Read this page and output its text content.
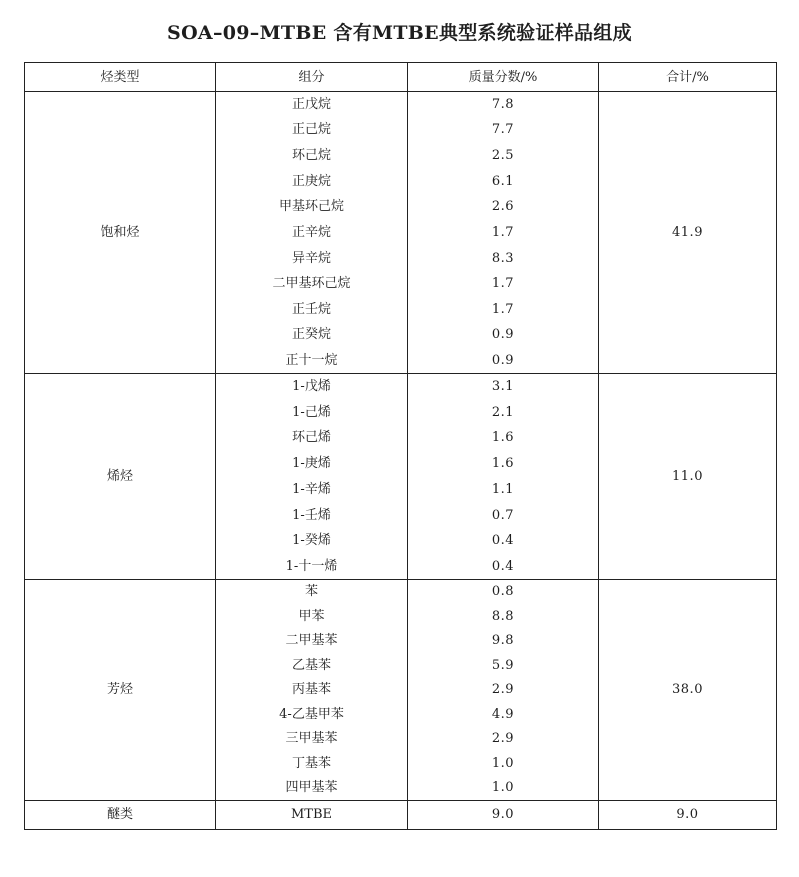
SOA–09–MTBE 含有MTBE典型系统验证样品组成
烃类型	组分	质量分数/%	合计/%
饱和烃	正戊烷	7.8	41.9
	正己烷	7.7	
	环己烷	2.5	
	正庚烷	6.1	
	甲基环己烷	2.6	
	正辛烷	1.7	
	异辛烷	8.3	
	二甲基环己烷	1.7	
	正壬烷	1.7	
	正癸烷	0.9	
	正十一烷	0.9	
烯烃	1-戊烯	3.1	11.0
	1-己烯	2.1	
	环己烯	1.6	
	1-庚烯	1.6	
	1-辛烯	1.1	
	1-壬烯	0.7	
	1-癸烯	0.4	
	1-十一烯	0.4	
芳烃	苯	0.8	38.0
	甲苯	8.8	
	二甲基苯	9.8	
	乙基苯	5.9	
	丙基苯	2.9	
	4-乙基甲苯	4.9	
	三甲基苯	2.9	
	丁基苯	1.0	
	四甲基苯	1.0	
醚类	MTBE	9.0	9.0
